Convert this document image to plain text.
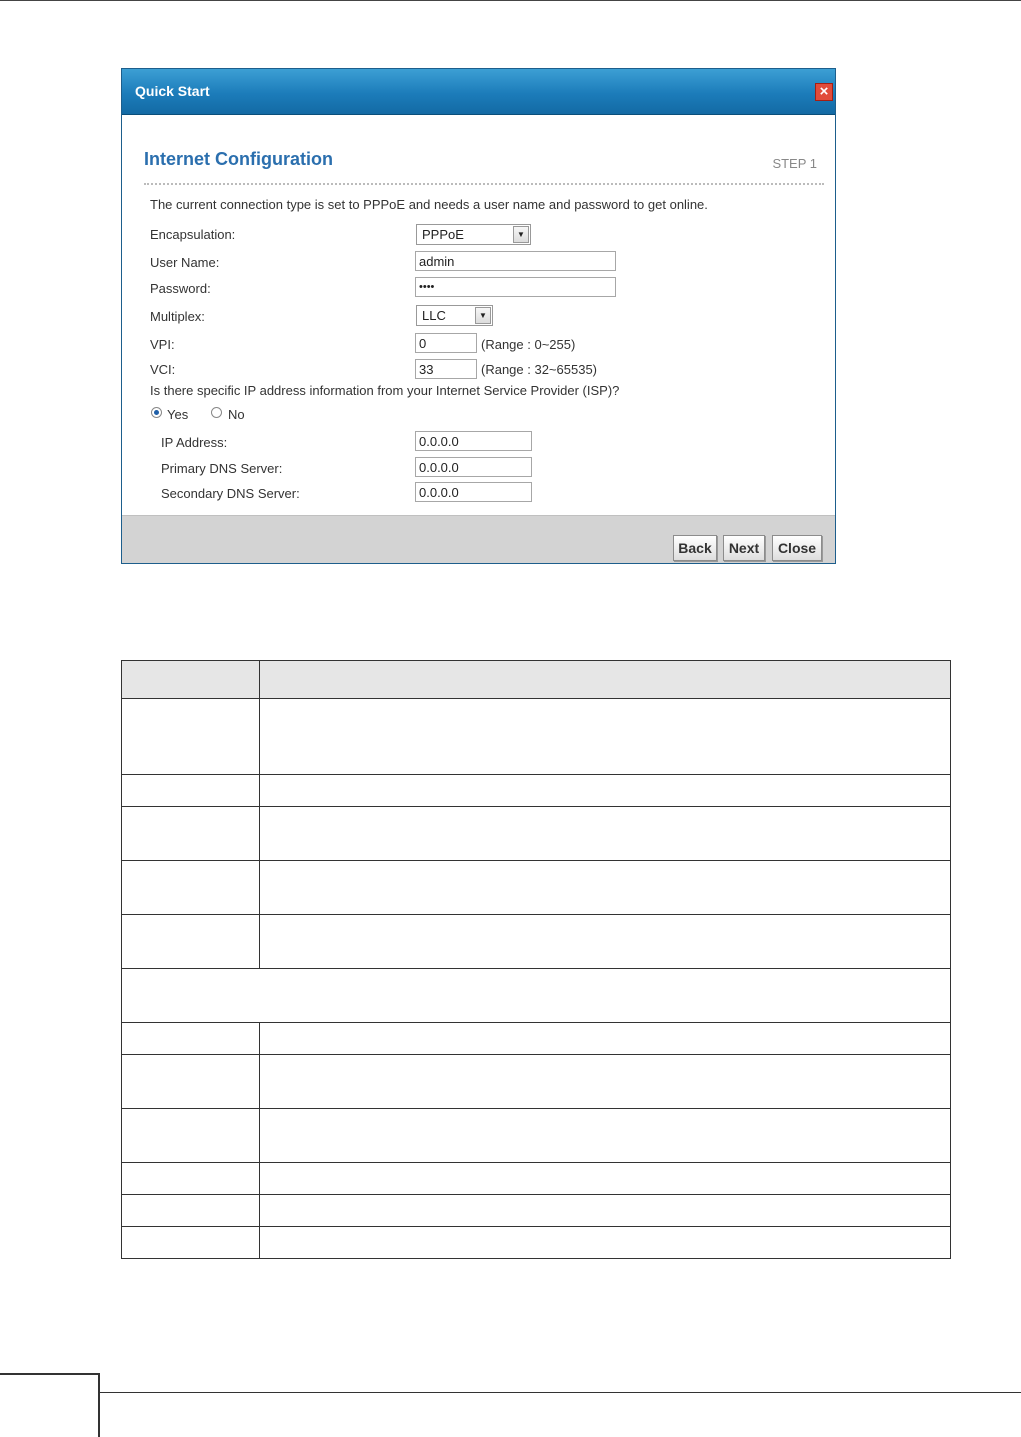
Quick Start	×
Internet Configuration	STEP 1
The current connection type is set to PPPoE and needs a user name and password to get online.
Encapsulation:	PPPoE	▼
User Name:	admin
Password:	••••
Multiplex:	LLC	▼
VPI:	0	(Range : 0~255)
VCI:	33	(Range : 32~65535)
Is there specific IP address information from your Internet Service Provider (ISP)?
Yes	No
IP Address:	0.0.0.0
Primary DNS Server:	0.0.0.0
Secondary DNS Server:	0.0.0.0
Back	Next	Close
